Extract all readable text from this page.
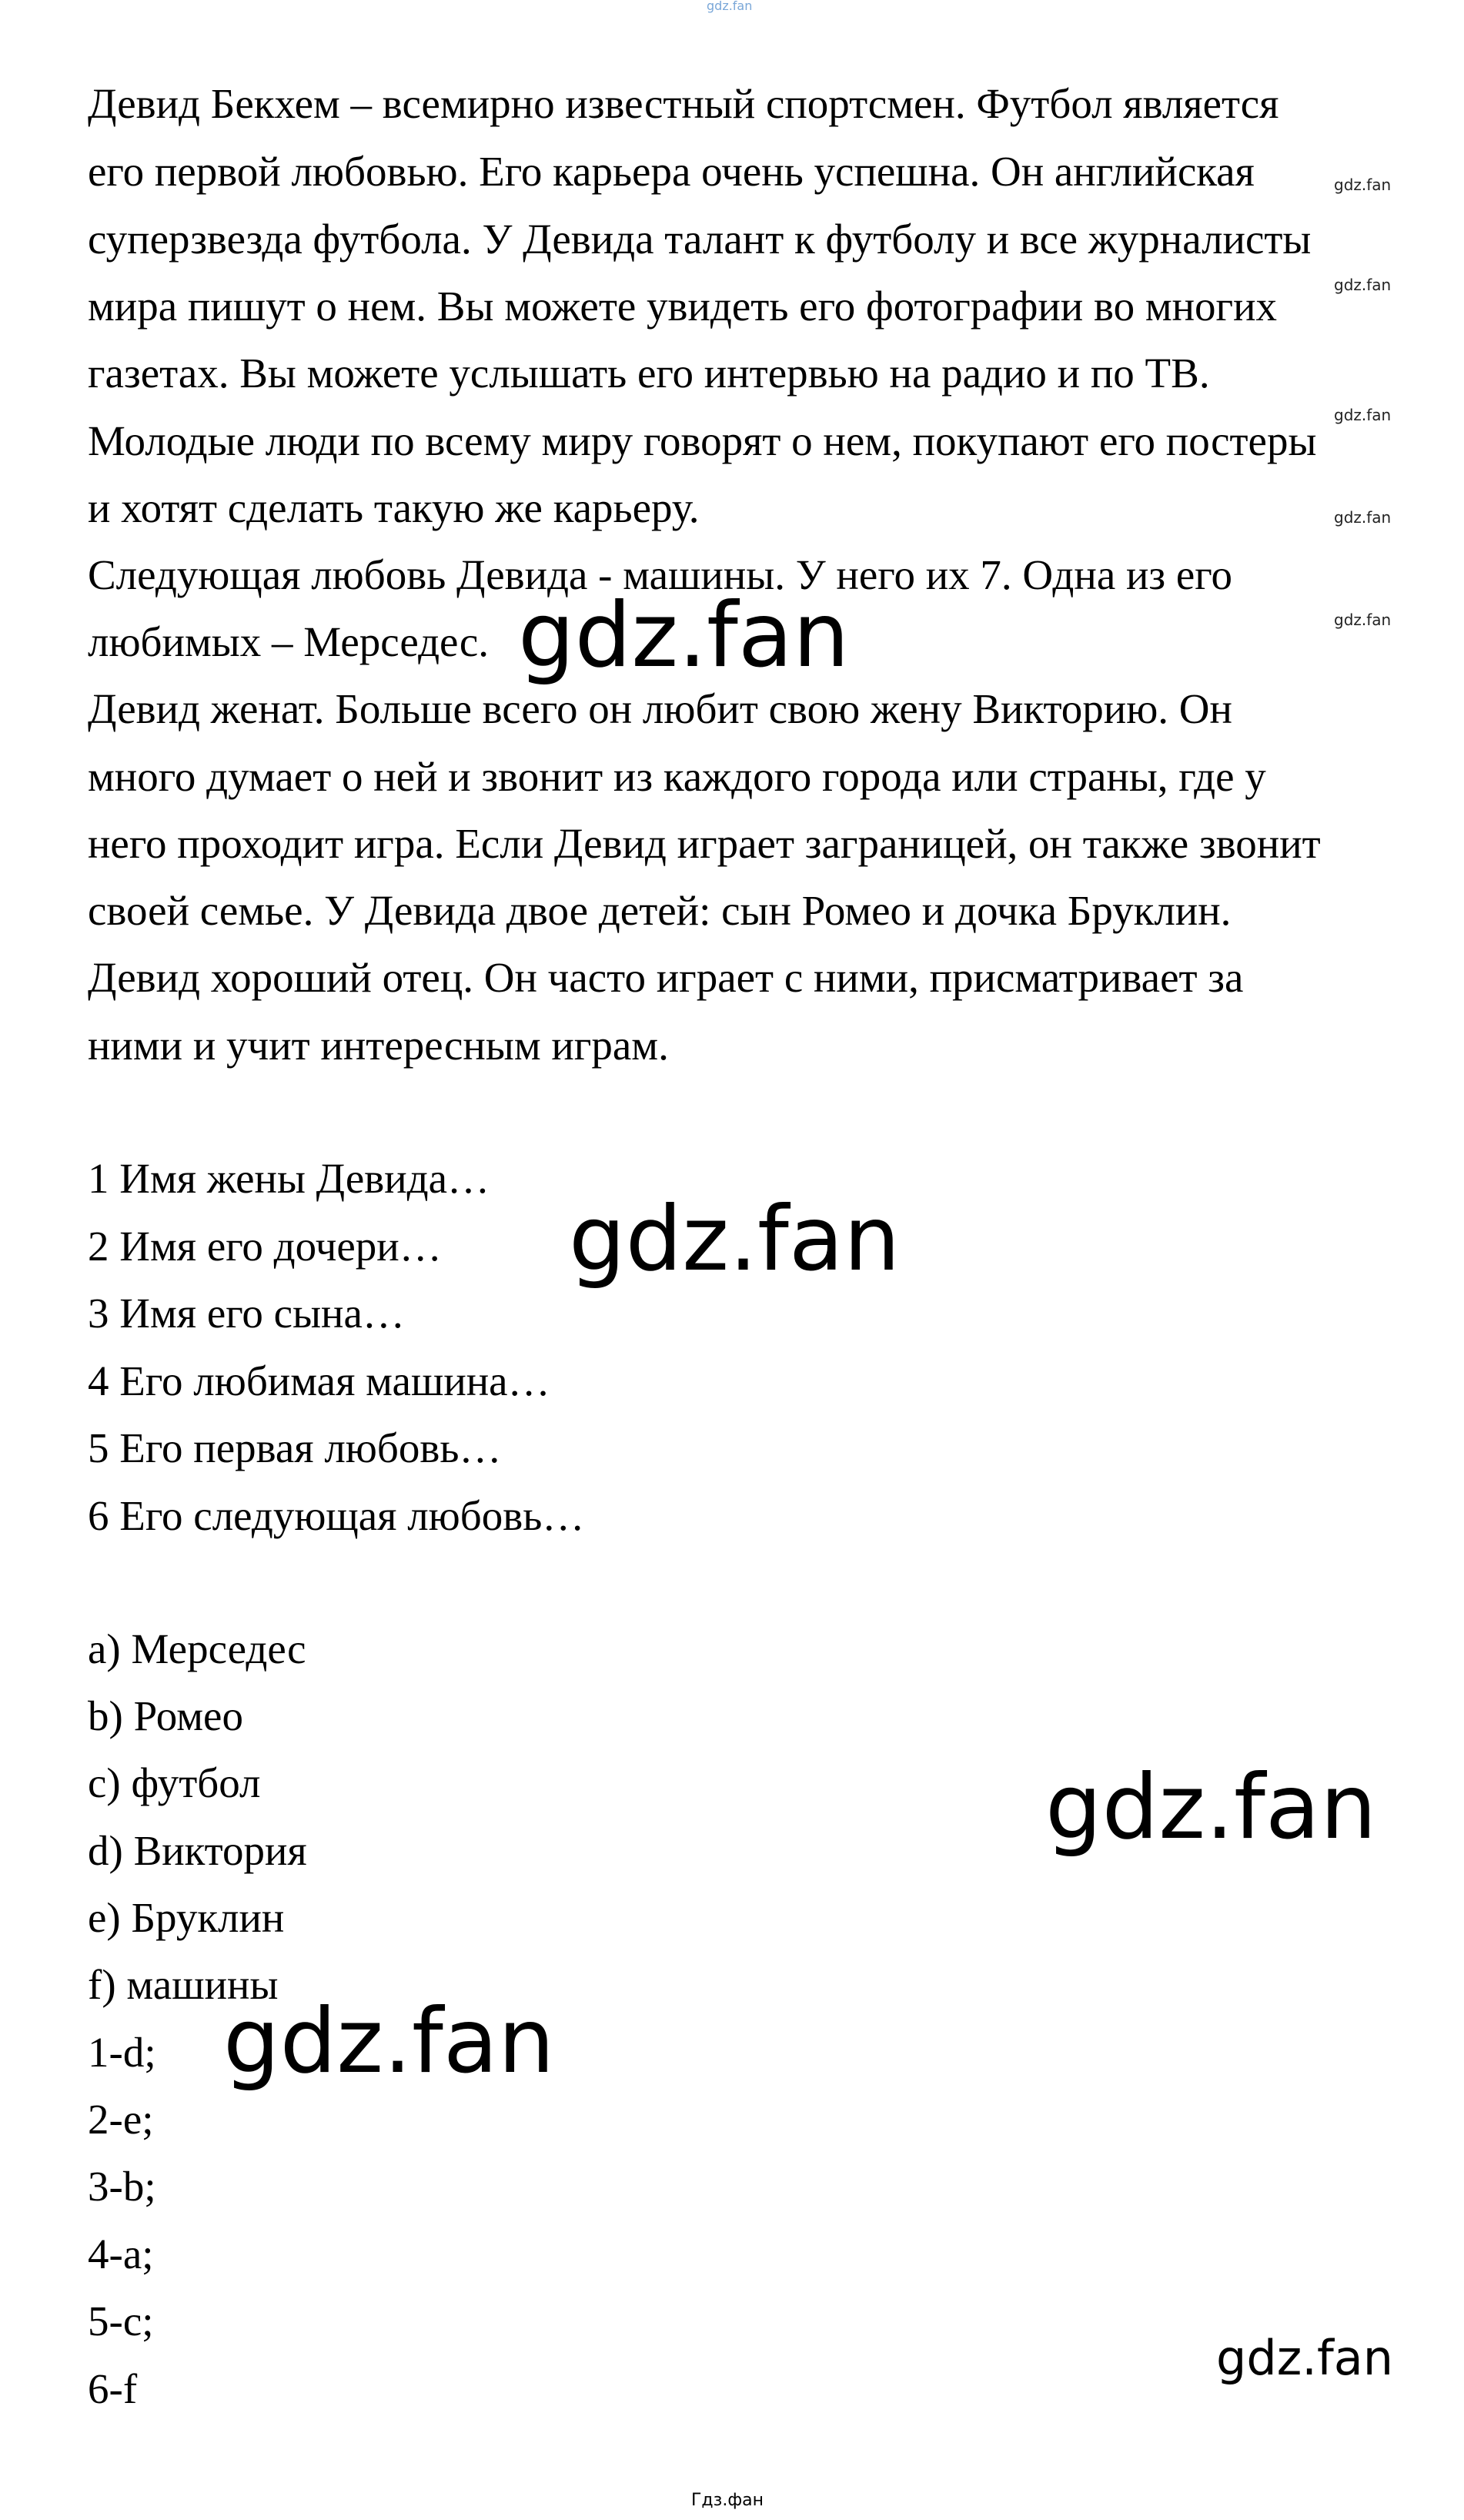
gdz.fan
Девид Бекхем – всемирно известный спортсмен. Футбол является
его первой любовью. Его карьера очень успешна. Он английская
суперзвезда футбола. У Девида талант к футболу и все журналисты
мира пишут о нем. Вы можете увидеть его фотографии во многих
газетах. Вы можете услышать его интервью на радио и по ТВ.
Молодые люди по всему миру говорят о нем, покупают его постеры
и хотят сделать такую же карьеру.
Следующая любовь Девида - машины. У него их 7. Одна из его
любимых – Мерседес.
Девид женат. Больше всего он любит свою жену Викторию. Он
много думает о ней и звонит из каждого города или страны, где у
него проходит игра. Если Девид играет заграницей, он также звонит
своей семье. У Девида двое детей: сын Ромео и дочка Бруклин.
Девид хороший отец. Он часто играет с ними, присматривает за
ними и учит интересным играм.
1 Имя жены Девида…
2 Имя его дочери…
3 Имя его сына…
4 Его любимая машина…
5 Его первая любовь…
6 Его следующая любовь…
a) Мерседес
b) Ромео
c) футбол
d) Виктория
e) Бруклин
f) машины
1-d;
2-e;
3-b;
4-a;
5-c;
6-f
gdz.fan
gdz.fan
gdz.fan
gdz.fan
gdz.fan
gdz.fan
gdz.fan
gdz.fan
gdz.fan
gdz.fan
Гдз.фан
